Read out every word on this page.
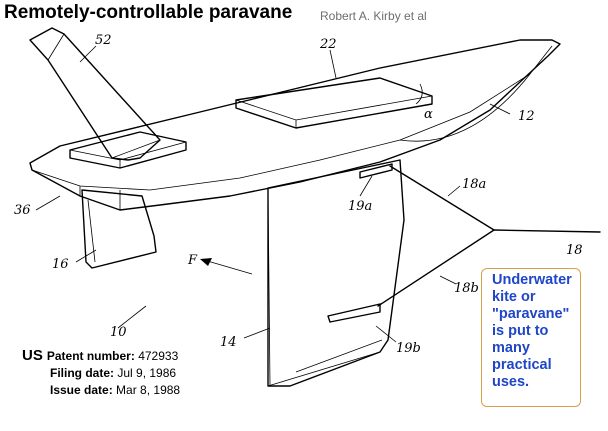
Remotely-controllable paravane Robert A. Kirby et al
52	22
12
α
36	19a
18a
18
16	F
18b
10
14	19b
US Patent number: 472933
Filing date: Jul 9, 1986
Issue date: Mar 8, 1988
Underwater kite or "paravane" is put to many practical uses.
